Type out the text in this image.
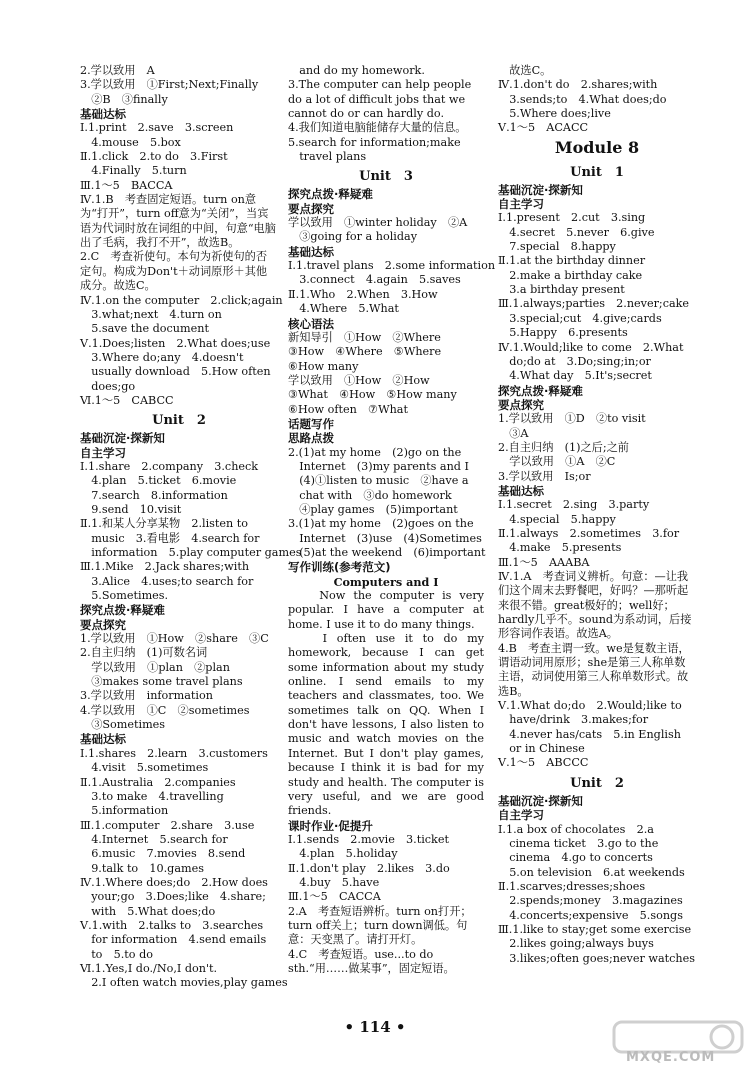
2.学以致用　A
3.学以致用　①First;Next;Finally
　②B　③finally
基础达标
Ⅰ.1.print　2.save　3.screen
　4.mouse　5.box
Ⅱ.1.click　2.to do　3.First
　4.Finally　5.turn
Ⅲ.1～5　BACCA
Ⅳ.1.B　考查固定短语。turn on意为“打开”，turn off意为“关闭”，当宾语为代词时放在词组的中间，句意“电脑出了毛病，我打不开”，故选B。
2.C　考查祈使句。本句为祈使句的否定句。构成为Don't＋动词原形＋其他成分。故选C。
Ⅳ.1.on the computer　2.click;again
　3.what;next　4.turn on
　5.save the document
Ⅴ.1.Does;listen　2.What does;use
　3.Where do;any　4.doesn't
　usually download　5.How often
　does;go
Ⅵ.1～5　CABCC
Unit　2
基础沉淀·探新知
自主学习
Ⅰ.1.share　2.company　3.check
　4.plan　5.ticket　6.movie
　7.search　8.information
　9.send　10.visit
Ⅱ.1.和某人分享某物　2.listen to
　music　3.看电影　4.search for
　information　5.play computer games
Ⅲ.1.Mike　2.Jack shares;with
　3.Alice　4.uses;to search for
　5.Sometimes.
探究点拨·释疑难
要点探究
1.学以致用　①How　②share　③C
2.自主归纳　(1)可数名词
　学以致用　①plan　②plan
　③makes some travel plans
3.学以致用　information
4.学以致用　①C　②sometimes
　③Sometimes
基础达标
Ⅰ.1.shares　2.learn　3.customers
　4.visit　5.sometimes
Ⅱ.1.Australia　2.companies
　3.to make　4.travelling
　5.information
Ⅲ.1.computer　2.share　3.use
　4.Internet　5.search for
　6.music　7.movies　8.send
　9.talk to　10.games
Ⅳ.1.Where does;do　2.How does
　your;go　3.Does;like　4.share;
　with　5.What does;do
Ⅴ.1.with　2.talks to　3.searches
　for information　4.send emails
　to　5.to do
Ⅵ.1.Yes,I do./No,I don't.
　2.I often watch movies,play games
　and do my homework.
3.The computer can help people do a lot of difficult jobs that we cannot do or can hardly do.
4.我们知道电脑能储存大量的信息。
5.search for information;make
　travel plans
Unit　3
探究点拨·释疑难
要点探究
学以致用　①winter holiday　②A
　③going for a holiday
基础达标
Ⅰ.1.travel plans　2.some information
　3.connect　4.again　5.saves
Ⅱ.1.Who　2.When　3.How
　4.Where　5.What
核心语法
新知导引　①How　②Where
③How　④Where　⑤Where
⑥How many
学以致用　①How　②How
③What　④How　⑤How many
⑥How often　⑦What
话题写作
思路点拨
2.(1)at my home　(2)go on the
　Internet　(3)my parents and I
　(4)①listen to music　②have a
　chat with　③do homework
　④play games　(5)important
3.(1)at my home　(2)goes on the
　Internet　(3)use　(4)Sometimes
　(5)at the weekend　(6)important
写作训练(参考范文)
Computers and I
　　Now the computer is very popular. I have a computer at home. I use it to do many things.
　　I often use it to do my homework, because I can get some information about my study online. I send emails to my teachers and classmates, too. We sometimes talk on QQ. When I don't have lessons, I also listen to music and watch movies on the Internet. But I don't play games, because I think it is bad for my study and health. The computer is very useful, and we are good friends.
课时作业·促提升
Ⅰ.1.sends　2.movie　3.ticket
　4.plan　5.holiday
Ⅱ.1.don't play　2.likes　3.do
　4.buy　5.have
Ⅲ.1～5　CACCA
2.A　考查短语辨析。turn on打开；turn off关上；turn down调低。句意：天变黑了。请打开灯。
4.C　考查短语。use...to do sth.“用……做某事”，固定短语。
　故选C。
Ⅳ.1.don't do　2.shares;with
　3.sends;to　4.What does;do
　5.Where does;live
Ⅴ.1～5　ACACC
Module 8
Unit　1
基础沉淀·探新知
自主学习
Ⅰ.1.present　2.cut　3.sing
　4.secret　5.never　6.give
　7.special　8.happy
Ⅱ.1.at the birthday dinner
　2.make a birthday cake
　3.a birthday present
Ⅲ.1.always;parties　2.never;cake
　3.special;cut　4.give;cards
　5.Happy　6.presents
Ⅳ.1.Would;like to come　2.What
　do;do at　3.Do;sing;in;or
　4.What day　5.It's;secret
探究点拨·释疑难
要点探究
1.学以致用　①D　②to visit
　③A
2.自主归纳　(1)之后;之前
　学以致用　①A　②C
3.学以致用　Is;or
基础达标
Ⅰ.1.secret　2.sing　3.party
　4.special　5.happy
Ⅱ.1.always　2.sometimes　3.for
　4.make　5.presents
Ⅲ.1～5　AAABA
Ⅳ.1.A　考查词义辨析。句意：—让我们这个周末去野餐吧，好吗？—那听起来很不错。great极好的；well好；hardly几乎不。sound为系动词，后接形容词作表语。故选A。
4.B　考查主谓一致。we是复数主语，谓语动词用原形；she是第三人称单数主语，动词使用第三人称单数形式。故选B。
Ⅴ.1.What do;do　2.Would;like to
　have/drink　3.makes;for
　4.never has/cats　5.in English
　or in Chinese
Ⅴ.1～5　ABCCC
Unit　2
基础沉淀·探新知
自主学习
Ⅰ.1.a box of chocolates　2.a
　cinema ticket　3.go to the
　cinema　4.go to concerts
　5.on television　6.at weekends
Ⅱ.1.scarves;dresses;shoes
　2.spends;money　3.magazines
　4.concerts;expensive　5.songs
Ⅲ.1.like to stay;get some exercise
　2.likes going;always buys
　3.likes;often goes;never watches
• 114 •
MXQE.COM
